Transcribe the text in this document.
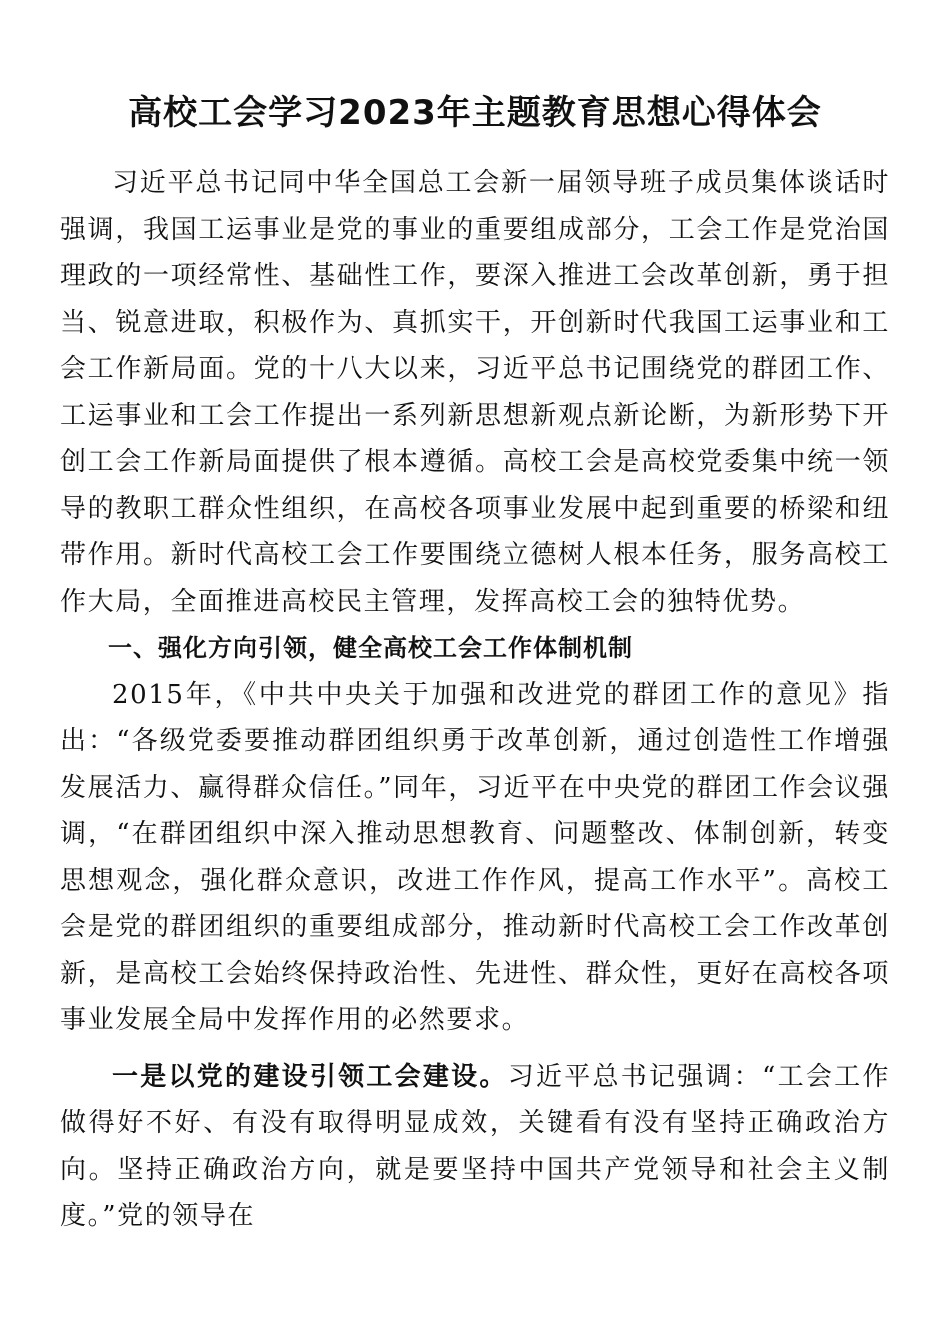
高校工会学习2023年主题教育思想心得体会

习近平总书记同中华全国总工会新一届领导班子成员集体谈话时强调，我国工运事业是党的事业的重要组成部分，工会工作是党治国理政的一项经常性、基础性工作，要深入推进工会改革创新，勇于担当、锐意进取，积极作为、真抓实干，开创新时代我国工运事业和工会工作新局面。党的十八大以来，习近平总书记围绕党的群团工作、工运事业和工会工作提出一系列新思想新观点新论断，为新形势下开创工会工作新局面提供了根本遵循。高校工会是高校党委集中统一领导的教职工群众性组织，在高校各项事业发展中起到重要的桥梁和纽带作用。新时代高校工会工作要围绕立德树人根本任务，服务高校工作大局，全面推进高校民主管理，发挥高校工会的独特优势。

一、强化方向引领，健全高校工会工作体制机制

2015年，《中共中央关于加强和改进党的群团工作的意见》指出：“各级党委要推动群团组织勇于改革创新，通过创造性工作增强发展活力、赢得群众信任。”同年，习近平在中央党的群团工作会议强调，“在群团组织中深入推动思想教育、问题整改、体制创新，转变思想观念，强化群众意识，改进工作作风，提高工作水平”。高校工会是党的群团组织的重要组成部分，推动新时代高校工会工作改革创新，是高校工会始终保持政治性、先进性、群众性，更好在高校各项事业发展全局中发挥作用的必然要求。

一是以党的建设引领工会建设。习近平总书记强调：“工会工作做得好不好、有没有取得明显成效，关键看有没有坚持正确政治方向。坚持正确政治方向，就是要坚持中国共产党领导和社会主义制度。”党的领导在
